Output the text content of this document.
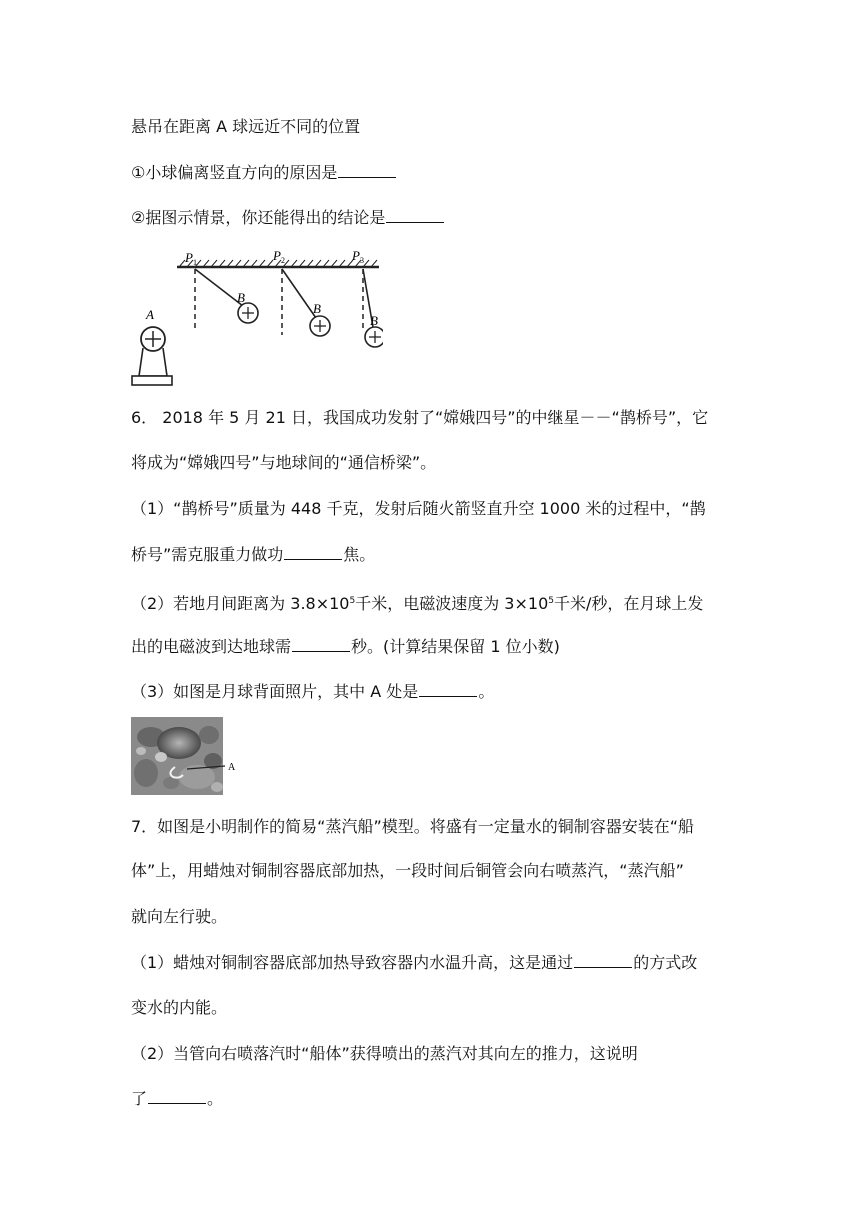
悬吊在距离 A 球远近不同的位置
①小球偏离竖直方向的原因是
②据图示情景，你还能得出的结论是
P 1	P 2	P 3
B
B
B
A
6． 2018 年 5 月 21 日，我国成功发射了“嫦娥四号”的中继星－－“鹊桥号”，它
将成为“嫦娥四号”与地球间的“通信桥梁”。
（1）“鹊桥号”质量为 448 千克，发射后随火箭竖直升空 1000 米的过程中，“鹊
桥号”需克服重力做功	焦。
（2）若地月间距离为 $3.8\times 10^5$千米，电磁波速度为 $3\times 10^5$千米/秒，在月球上发
出的电磁波到达地球需	秒。(计算结果保留 1 位小数)
（3）如图是月球背面照片，其中 A 处是	。
A
7．如图是小明制作的简易“蒸汽船”模型。将盛有一定量水的铜制容器安装在“船
体”上，用蜡烛对铜制容器底部加热，一段时间后铜管会向右喷蒸汽，“蒸汽船”
就向左行驶。
（1）蜡烛对铜制容器底部加热导致容器内水温升高，这是通过	的方式改
变水的内能。
（2）当管向右喷落汽时“船体”获得喷出的蒸汽对其向左的推力，这说明
了	。
